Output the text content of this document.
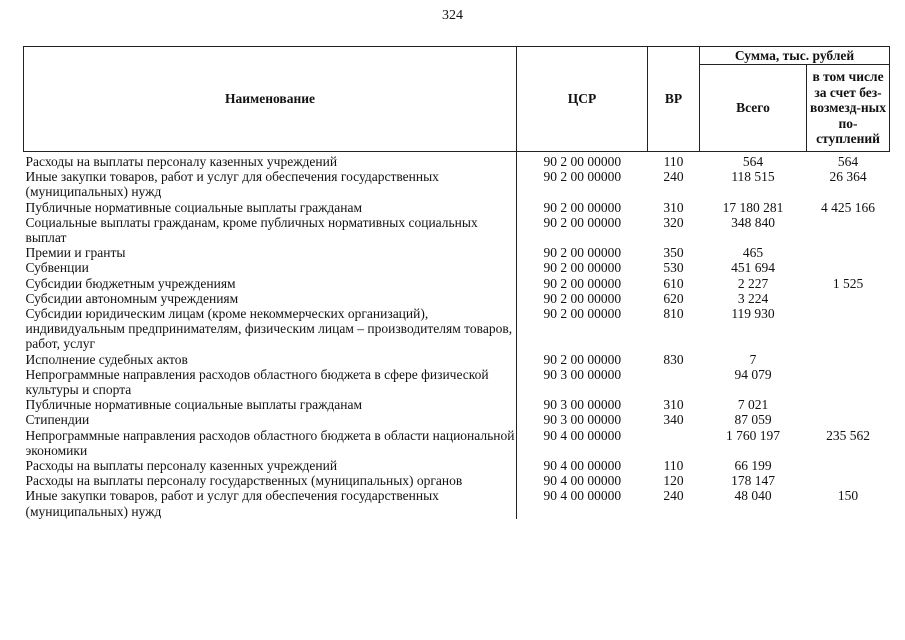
324
Наименование	ЦСР	ВР	Сумма, тыс. рублей	
			Всего	в том числе за счет без-возмезд-ных по-ступлений

Расходы на выплаты персоналу казенных учреждений	90 2 00 00000	110	564	564
Иные закупки товаров, работ и услуг для обеспечения государственных (муниципальных) нужд	90 2 00 00000	240	118 515	26 364
Публичные нормативные социальные выплаты гражданам	90 2 00 00000	310	17 180 281	4 425 166
Социальные выплаты гражданам, кроме публичных нормативных социальных выплат	90 2 00 00000	320	348 840	
Премии и гранты	90 2 00 00000	350	465	
Субвенции	90 2 00 00000	530	451 694	
Субсидии бюджетным учреждениям	90 2 00 00000	610	2 227	1 525
Субсидии автономным учреждениям	90 2 00 00000	620	3 224	
Субсидии юридическим лицам (кроме некоммерческих организаций), индивидуальным предпринимателям, физическим лицам – производителям товаров, работ, услуг	90 2 00 00000	810	119 930	
Исполнение судебных актов	90 2 00 00000	830	7	
Непрограммные направления расходов областного бюджета в сфере физической культуры и спорта	90 3 00 00000		94 079	
Публичные нормативные социальные выплаты гражданам	90 3 00 00000	310	7 021	
Стипендии	90 3 00 00000	340	87 059	
Непрограммные направления расходов областного бюджета в области национальной экономики	90 4 00 00000		1 760 197	235 562
Расходы на выплаты персоналу казенных учреждений	90 4 00 00000	110	66 199	
Расходы на выплаты персоналу государственных (муниципальных) органов	90 4 00 00000	120	178 147	
Иные закупки товаров, работ и услуг для обеспечения государственных (муниципальных) нужд	90 4 00 00000	240	48 040	150
